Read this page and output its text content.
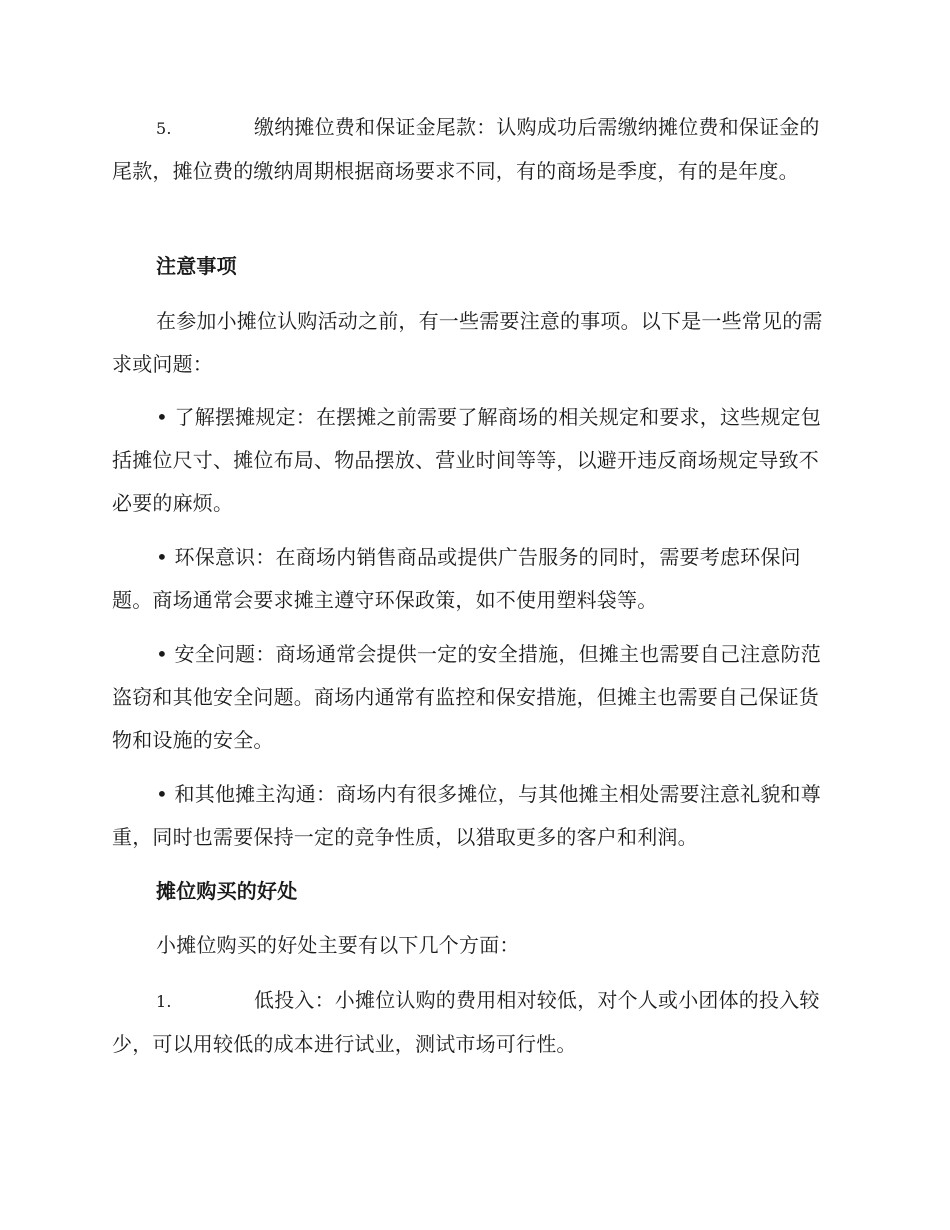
5.	缴纳摊位费和保证金尾款：认购成功后需缴纳摊位费和保证金的尾款，摊位费的缴纳周期根据商场要求不同，有的商场是季度，有的是年度。

注意事项

在参加小摊位认购活动之前，有一些需要注意的事项。以下是一些常见的需求或问题：

• 了解摆摊规定：在摆摊之前需要了解商场的相关规定和要求，这些规定包括摊位尺寸、摊位布局、物品摆放、营业时间等等，以避开违反商场规定导致不必要的麻烦。

• 环保意识：在商场内销售商品或提供广告服务的同时，需要考虑环保问题。商场通常会要求摊主遵守环保政策，如不使用塑料袋等。

• 安全问题：商场通常会提供一定的安全措施，但摊主也需要自己注意防范盗窃和其他安全问题。商场内通常有监控和保安措施，但摊主也需要自己保证货物和设施的安全。

• 和其他摊主沟通：商场内有很多摊位，与其他摊主相处需要注意礼貌和尊重，同时也需要保持一定的竞争性质，以猎取更多的客户和利润。

摊位购买的好处

小摊位购买的好处主要有以下几个方面：

1.	低投入：小摊位认购的费用相对较低，对个人或小团体的投入较少，可以用较低的成本进行试业，测试市场可行性。
